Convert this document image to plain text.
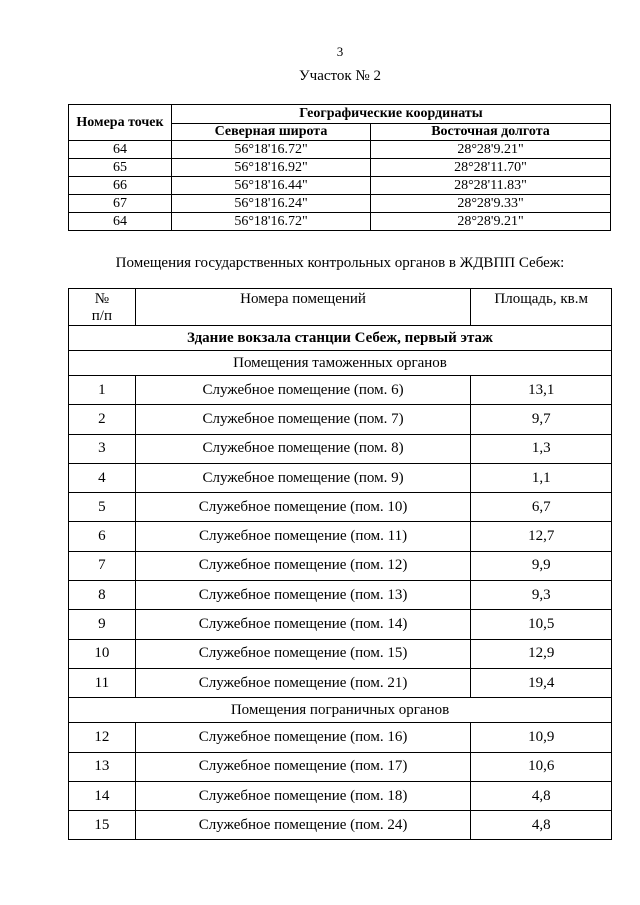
3
Участок № 2
Номера точек	Географические координаты	
	Северная широта	Восточная долгота
64	56°18'16.72"	28°28'9.21"
65	56°18'16.92"	28°28'11.70"
66	56°18'16.44"	28°28'11.83"
67	56°18'16.24"	28°28'9.33"
64	56°18'16.72"	28°28'9.21"
Помещения государственных контрольных органов в ЖДВПП Себеж:
№
п/п	Номера помещений	Площадь, кв.м
Здание вокзала станции Себеж, первый этаж		
Помещения таможенных органов		
1	Служебное помещение (пом. 6)	13,1
2	Служебное помещение (пом. 7)	9,7
3	Служебное помещение (пом. 8)	1,3
4	Служебное помещение (пом. 9)	1,1
5	Служебное помещение (пом. 10)	6,7
6	Служебное помещение (пом. 11)	12,7
7	Служебное помещение (пом. 12)	9,9
8	Служебное помещение (пом. 13)	9,3
9	Служебное помещение (пом. 14)	10,5
10	Служебное помещение (пом. 15)	12,9
11	Служебное помещение (пом. 21)	19,4
Помещения пограничных органов		
12	Служебное помещение (пом. 16)	10,9
13	Служебное помещение (пом. 17)	10,6
14	Служебное помещение (пом. 18)	4,8
15	Служебное помещение (пом. 24)	4,8
